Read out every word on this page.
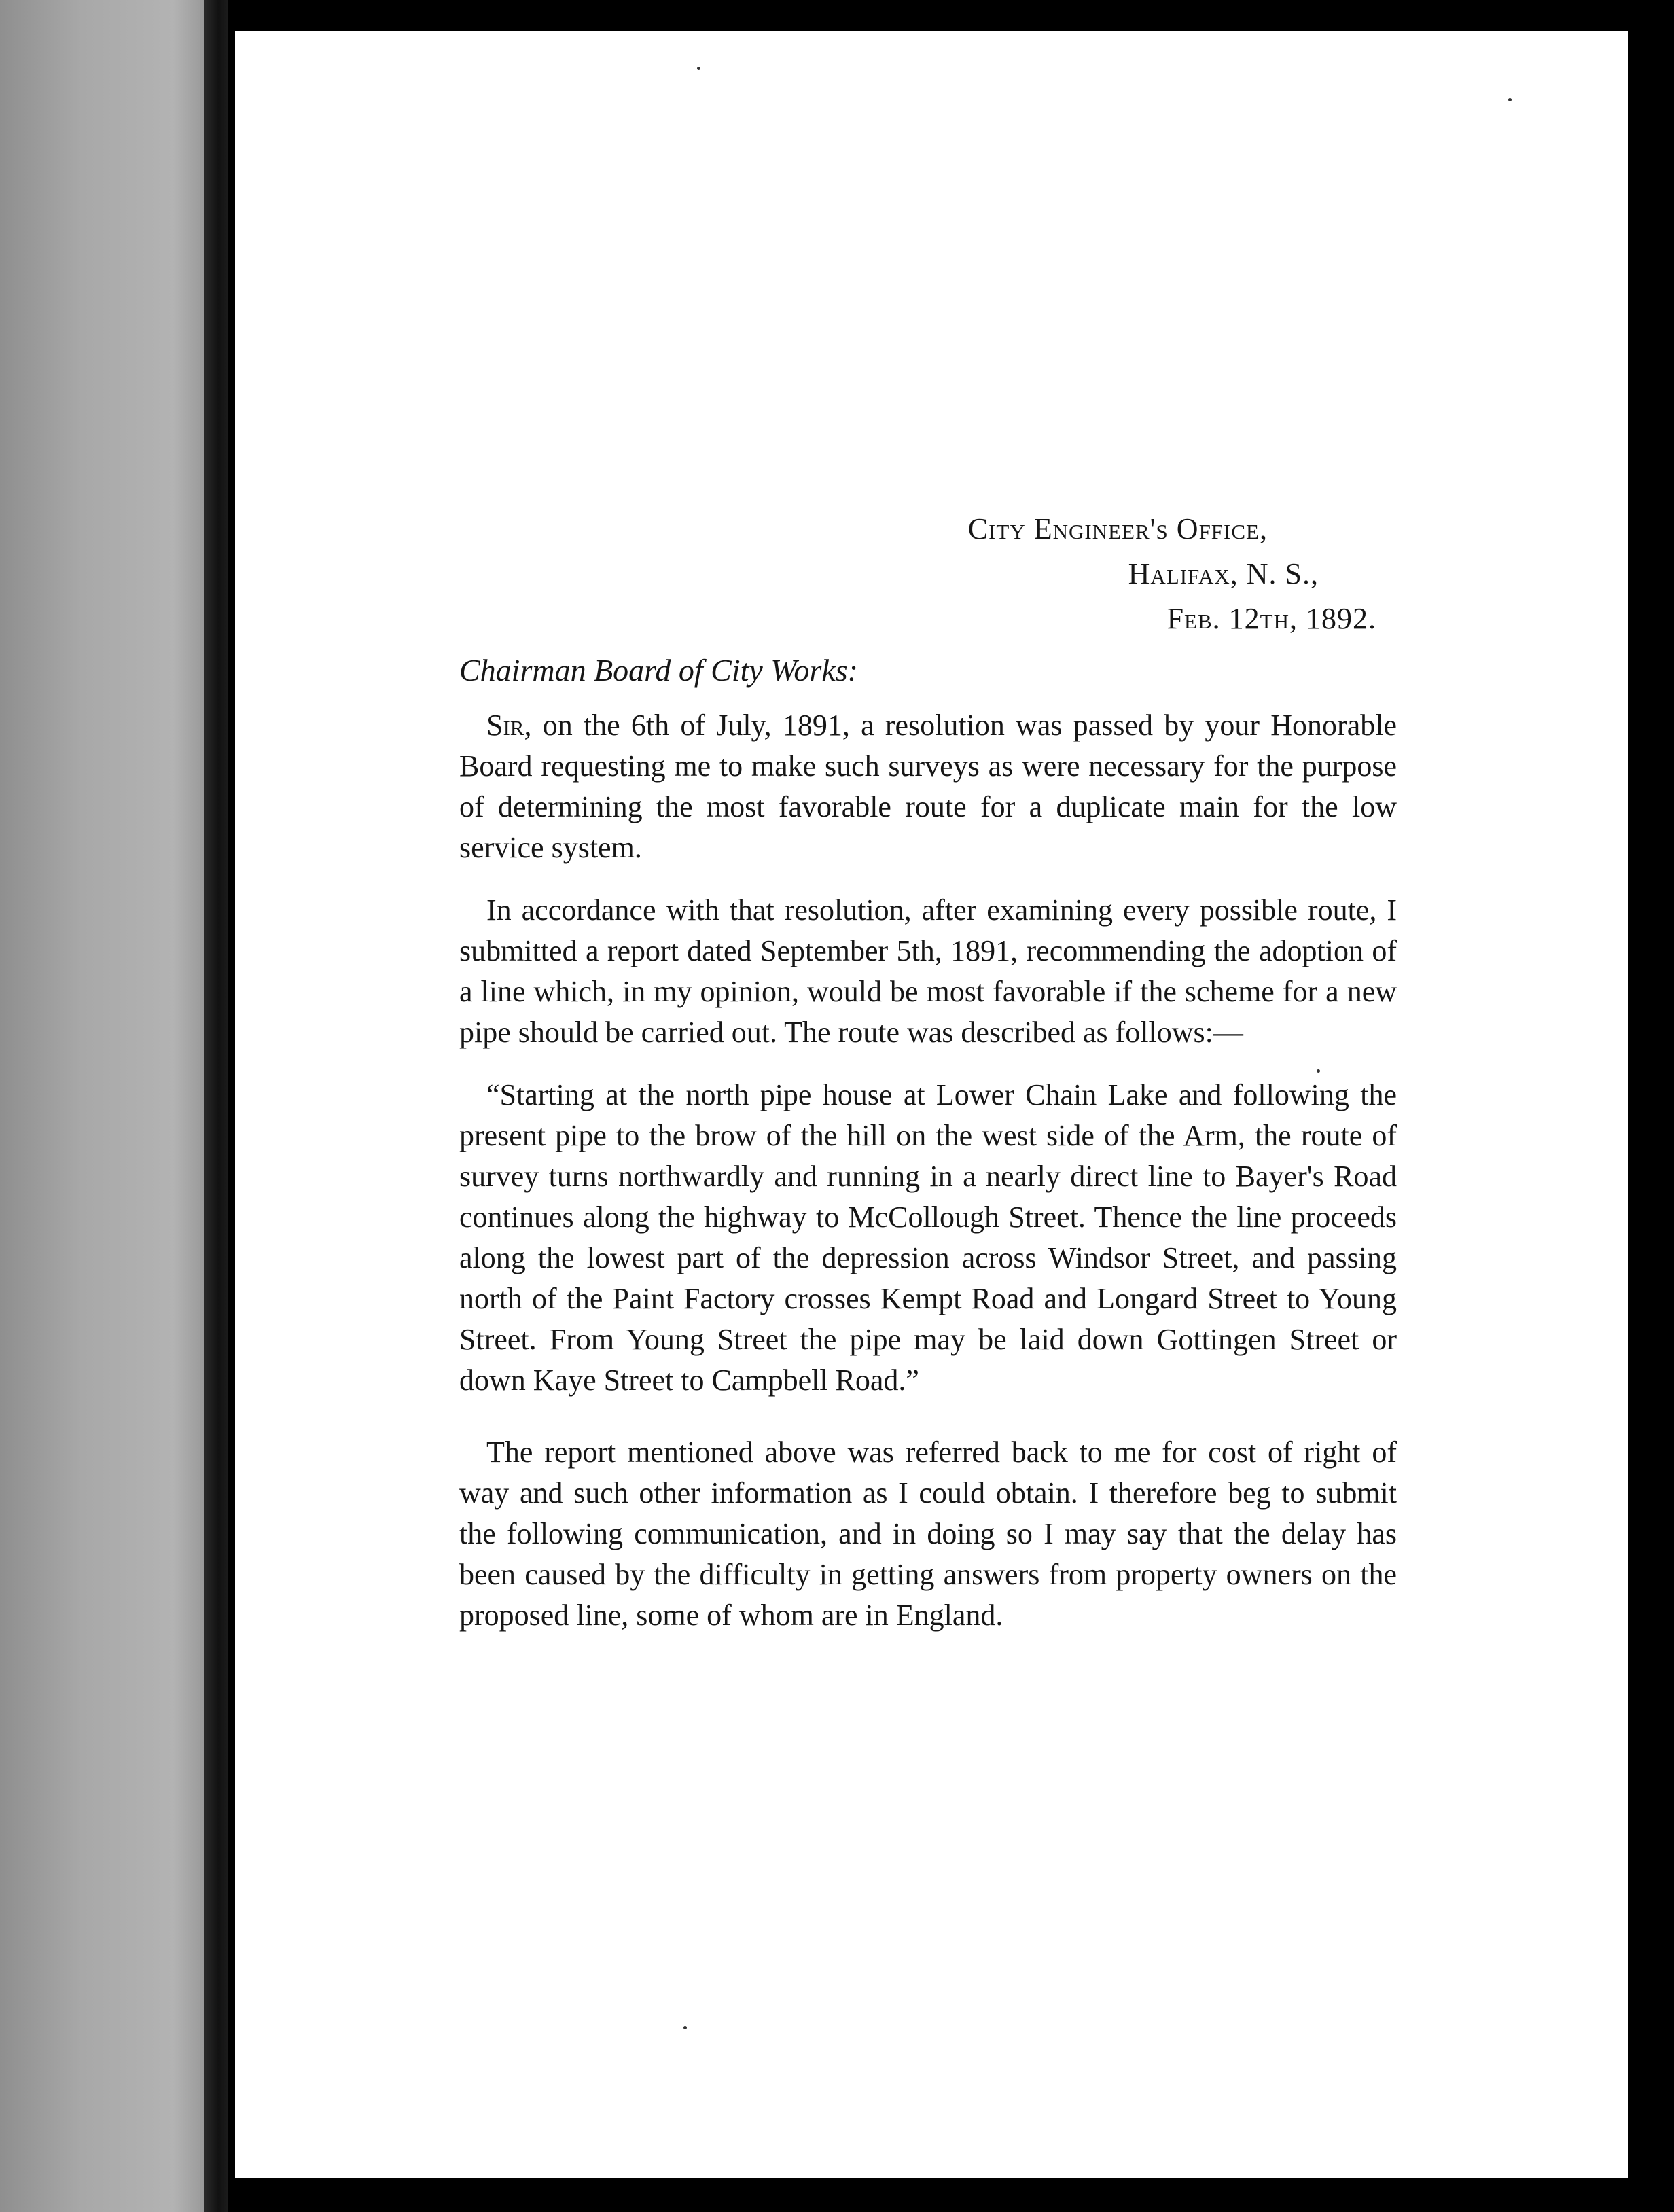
City Engineer's Office,
Halifax, N. S.,
Feb. 12th, 1892.
Chairman Board of City Works:

Sir, on the 6th of July, 1891, a resolution was passed by your Honorable Board requesting me to make such surveys as were necessary for the purpose of determining the most favorable route for a duplicate main for the low service system.

In accordance with that resolution, after examining every possible route, I submitted a report dated September 5th, 1891, recommending the adoption of a line which, in my opinion, would be most favorable if the scheme for a new pipe should be carried out. The route was described as follows:—

“Starting at the north pipe house at Lower Chain Lake and following the present pipe to the brow of the hill on the west side of the Arm, the route of survey turns northwardly and running in a nearly direct line to Bayer's Road continues along the highway to McCollough Street. Thence the line proceeds along the lowest part of the depression across Windsor Street, and passing north of the Paint Factory crosses Kempt Road and Longard Street to Young Street. From Young Street the pipe may be laid down Gottingen Street or down Kaye Street to Campbell Road.”

The report mentioned above was referred back to me for cost of right of way and such other information as I could obtain. I therefore beg to submit the following communication, and in doing so I may say that the delay has been caused by the difficulty in getting answers from property owners on the proposed line, some of whom are in England.
